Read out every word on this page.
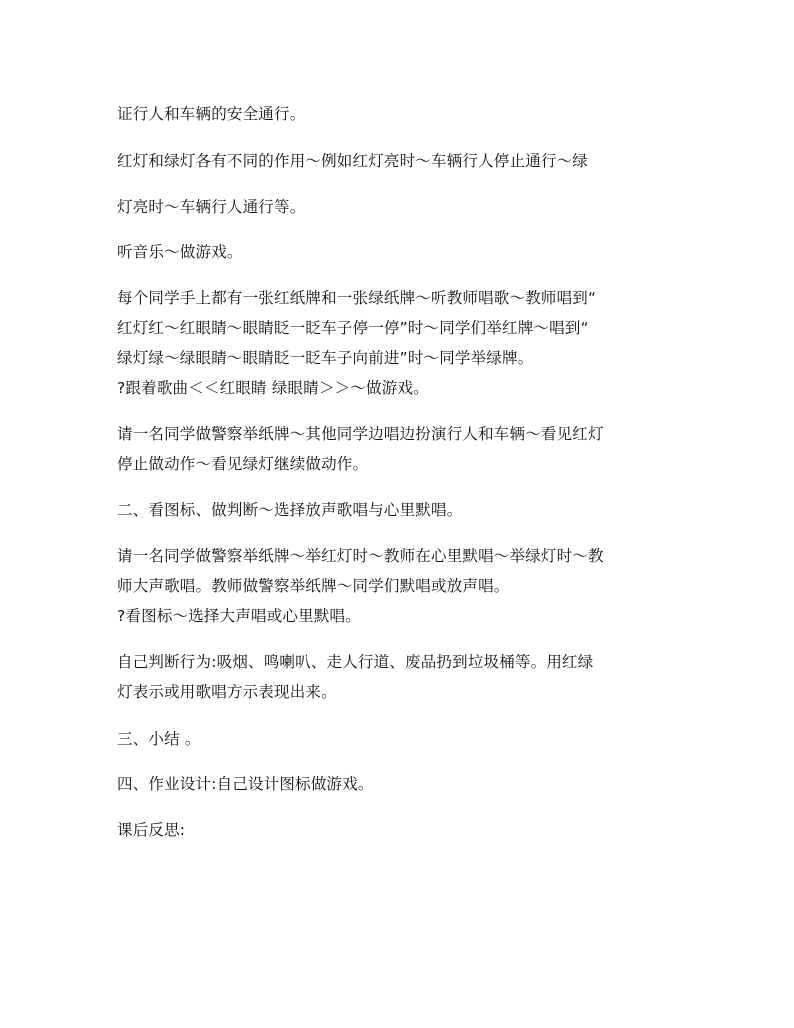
证行人和车辆的安全通行。
红灯和绿灯各有不同的作用～例如红灯亮时～车辆行人停止通行～绿
灯亮时～车辆行人通行等。
听音乐～做游戏。
每个同学手上都有一张红纸牌和一张绿纸牌～听教师唱歌～教师唱到“
红灯红～红眼睛～眼睛眨一眨车子停一停”时～同学们举红牌～唱到“
绿灯绿～绿眼睛～眼睛眨一眨车子向前进”时～同学举绿牌。
?跟着歌曲＜＜红眼睛 绿眼睛＞＞～做游戏。
请一名同学做警察举纸牌～其他同学边唱边扮演行人和车辆～看见红灯
停止做动作～看见绿灯继续做动作。
二、看图标、做判断～选择放声歌唱与心里默唱。
请一名同学做警察举纸牌～举红灯时～教师在心里默唱～举绿灯时～教
师大声歌唱。教师做警察举纸牌～同学们默唱或放声唱。
?看图标～选择大声唱或心里默唱。
自己判断行为:吸烟、鸣喇叭、走人行道、废品扔到垃圾桶等。用红绿
灯表示或用歌唱方示表现出来。
三、小结 。
四、作业设计:自己设计图标做游戏。
课后反思:
